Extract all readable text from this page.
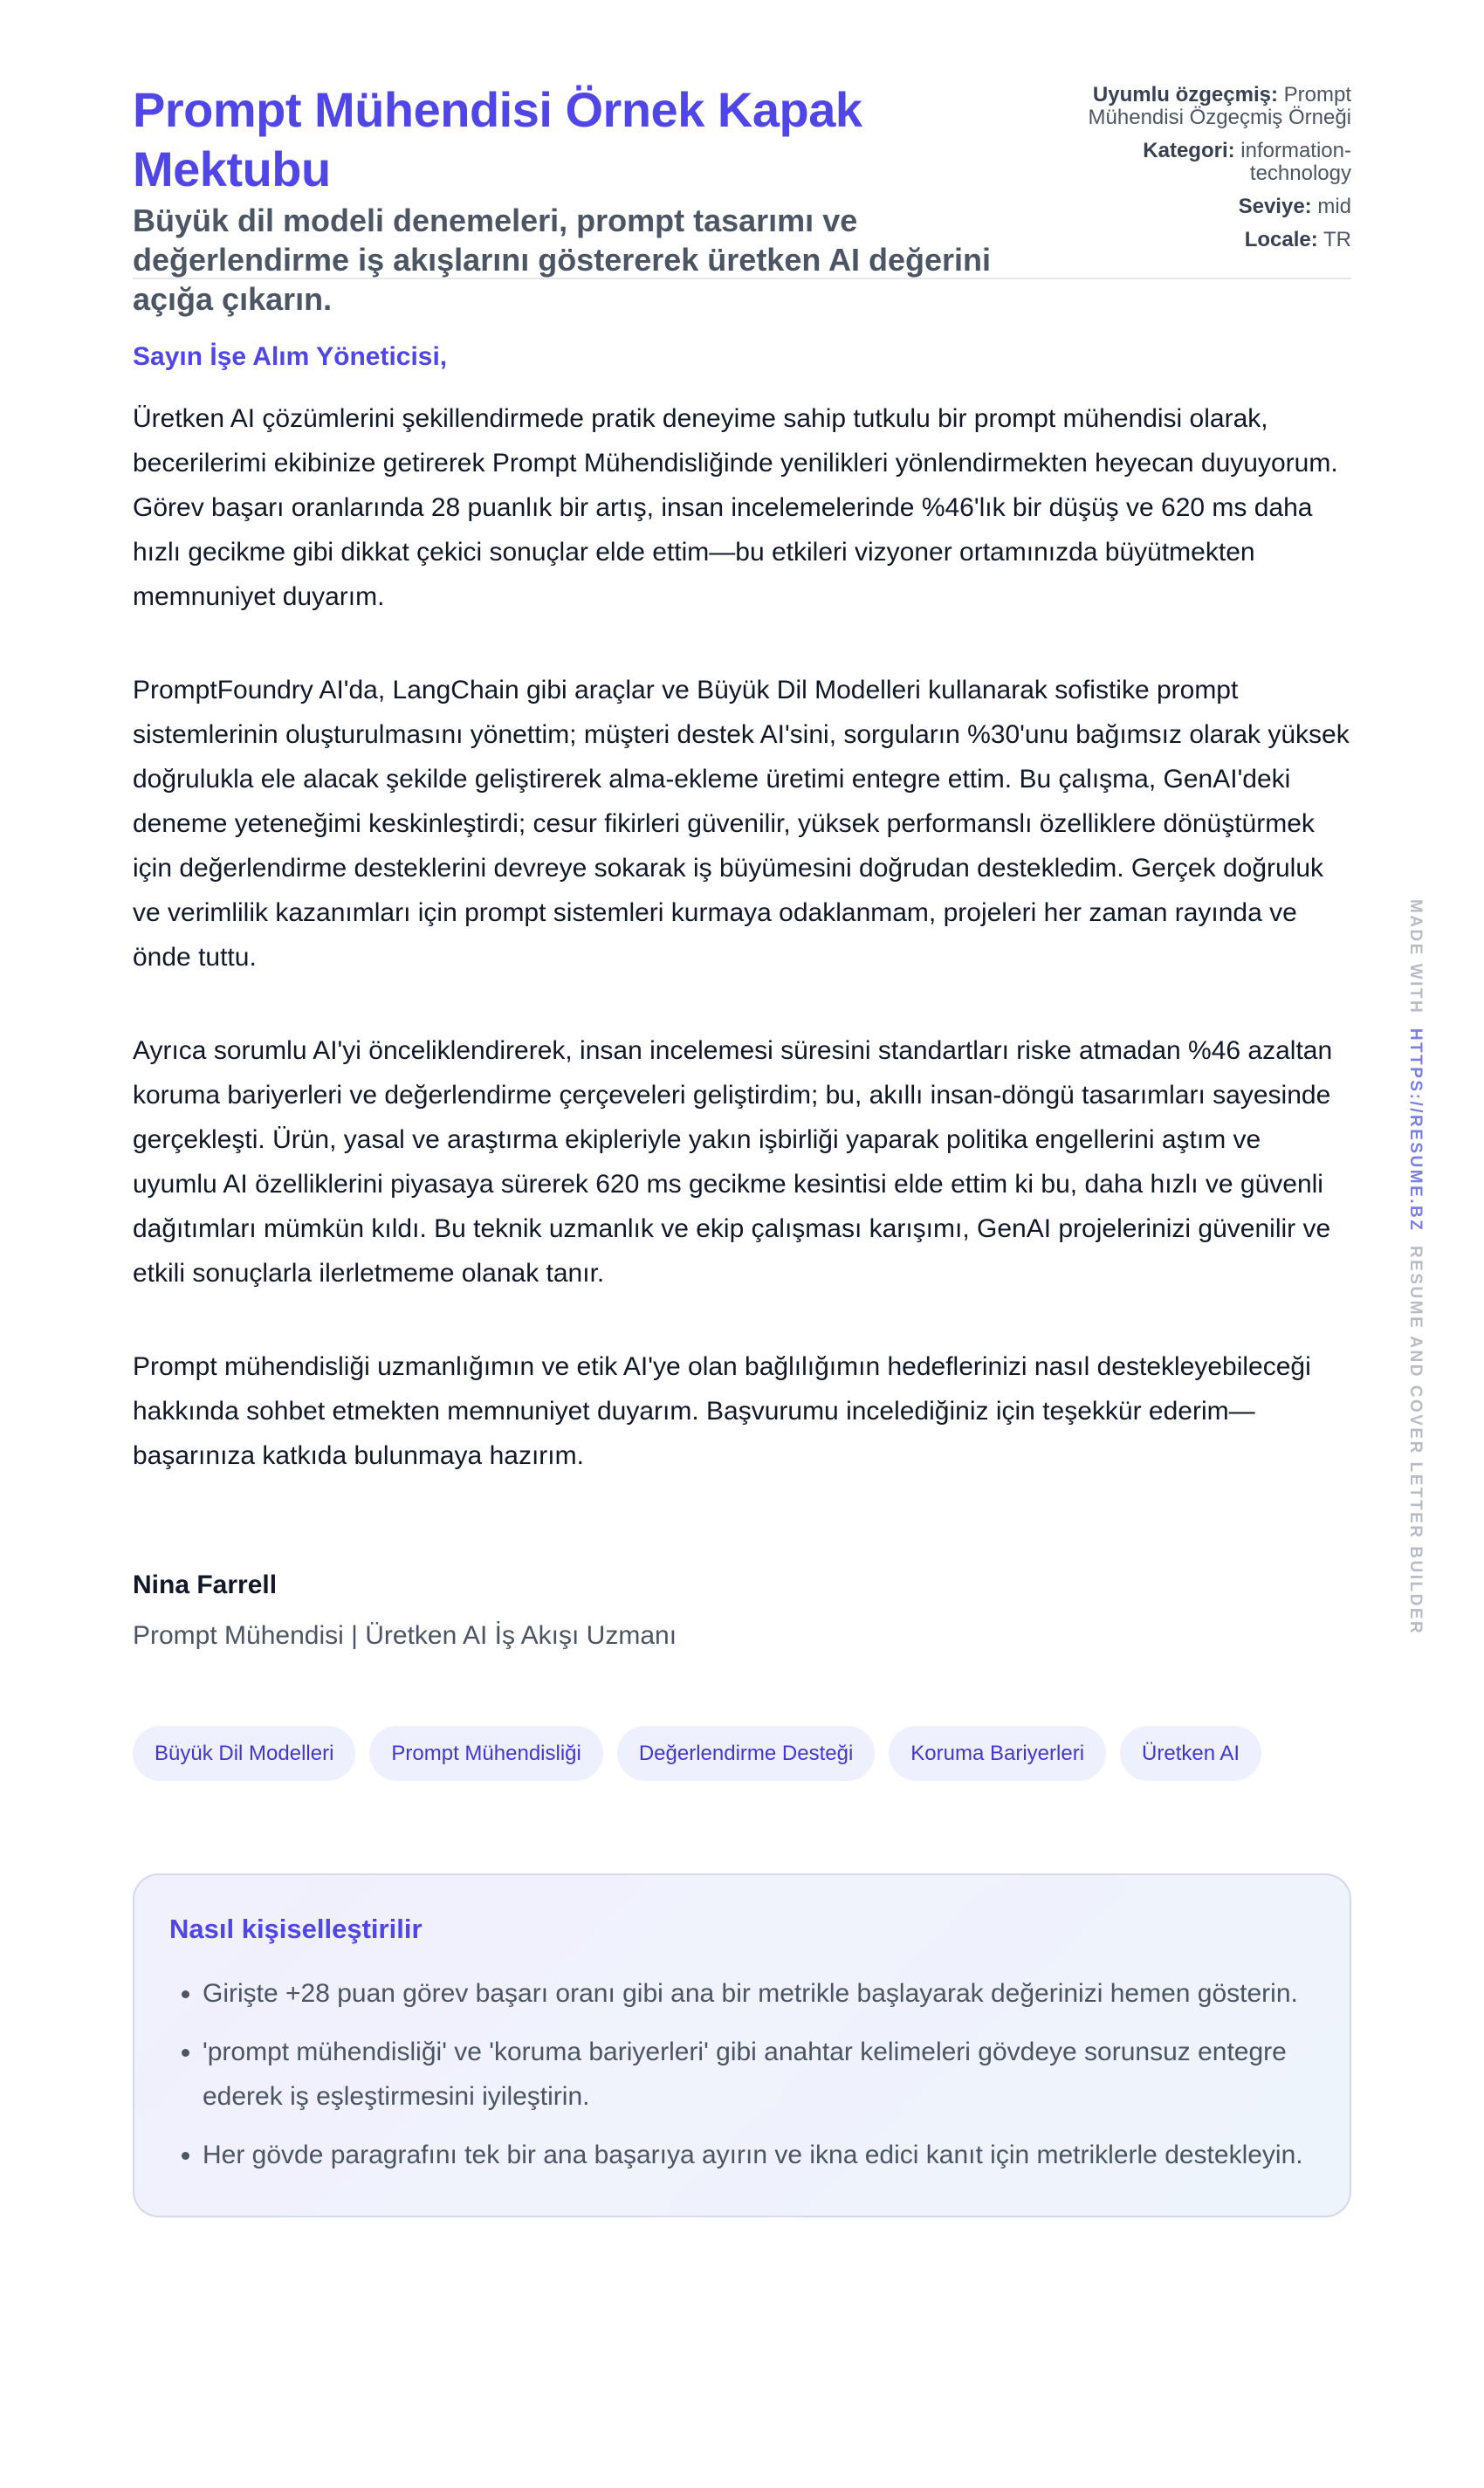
Prompt Mühendisi Örnek Kapak Mektubu

Büyük dil modeli denemeleri, prompt tasarımı ve değerlendirme iş akışlarını göstererek üretken AI değerini açığa çıkarın.

Uyumlu özgeçmiş: Prompt Mühendisi Özgeçmiş Örneği
Kategori: information-technology
Seviye: mid
Locale: TR

Sayın İşe Alım Yöneticisi,

Üretken AI çözümlerini şekillendirmede pratik deneyime sahip tutkulu bir prompt mühendisi olarak, becerilerimi ekibinize getirerek Prompt Mühendisliğinde yenilikleri yönlendirmekten heyecan duyuyorum. Görev başarı oranlarında 28 puanlık bir artış, insan incelemelerinde %46'lık bir düşüş ve 620 ms daha hızlı gecikme gibi dikkat çekici sonuçlar elde ettim—bu etkileri vizyoner ortamınızda büyütmekten memnuniyet duyarım.

PromptFoundry AI'da, LangChain gibi araçlar ve Büyük Dil Modelleri kullanarak sofistike prompt sistemlerinin oluşturulmasını yönettim; müşteri destek AI'sini, sorguların %30'unu bağımsız olarak yüksek doğrulukla ele alacak şekilde geliştirerek alma-ekleme üretimi entegre ettim. Bu çalışma, GenAI'deki deneme yeteneğimi keskinleştirdi; cesur fikirleri güvenilir, yüksek performanslı özelliklere dönüştürmek için değerlendirme desteklerini devreye sokarak iş büyümesini doğrudan destekledim. Gerçek doğruluk ve verimlilik kazanımları için prompt sistemleri kurmaya odaklanmam, projeleri her zaman rayında ve önde tuttu.

Ayrıca sorumlu AI'yi önceliklendirerek, insan incelemesi süresini standartları riske atmadan %46 azaltan koruma bariyerleri ve değerlendirme çerçeveleri geliştirdim; bu, akıllı insan-döngü tasarımları sayesinde gerçekleşti. Ürün, yasal ve araştırma ekipleriyle yakın işbirliği yaparak politika engellerini aştım ve uyumlu AI özelliklerini piyasaya sürerek 620 ms gecikme kesintisi elde ettim ki bu, daha hızlı ve güvenli dağıtımları mümkün kıldı. Bu teknik uzmanlık ve ekip çalışması karışımı, GenAI projelerinizi güvenilir ve etkili sonuçlarla ilerletmeme olanak tanır.

Prompt mühendisliği uzmanlığımın ve etik AI'ye olan bağlılığımın hedeflerinizi nasıl destekleyebileceği hakkında sohbet etmekten memnuniyet duyarım. Başvurumu incelediğiniz için teşekkür ederim—başarınıza katkıda bulunmaya hazırım.

Nina Farrell
Prompt Mühendisi | Üretken AI İş Akışı Uzmanı
Büyük Dil Modelleri	Prompt Mühendisliği	Değerlendirme Desteği	Koruma Bariyerleri	Üretken AI
Nasıl kişiselleştirilir
• Girişte +28 puan görev başarı oranı gibi ana bir metrikle başlayarak değerinizi hemen gösterin.
• 'prompt mühendisliği' ve 'koruma bariyerleri' gibi anahtar kelimeleri gövdeye sorunsuz entegre ederek iş eşleştirmesini iyileştirin.
• Her gövde paragrafını tek bir ana başarıya ayırın ve ikna edici kanıt için metriklerle destekleyin.
MADE WITH  HTTPS://RESUME.BZ  RESUME AND COVER LETTER BUILDER
